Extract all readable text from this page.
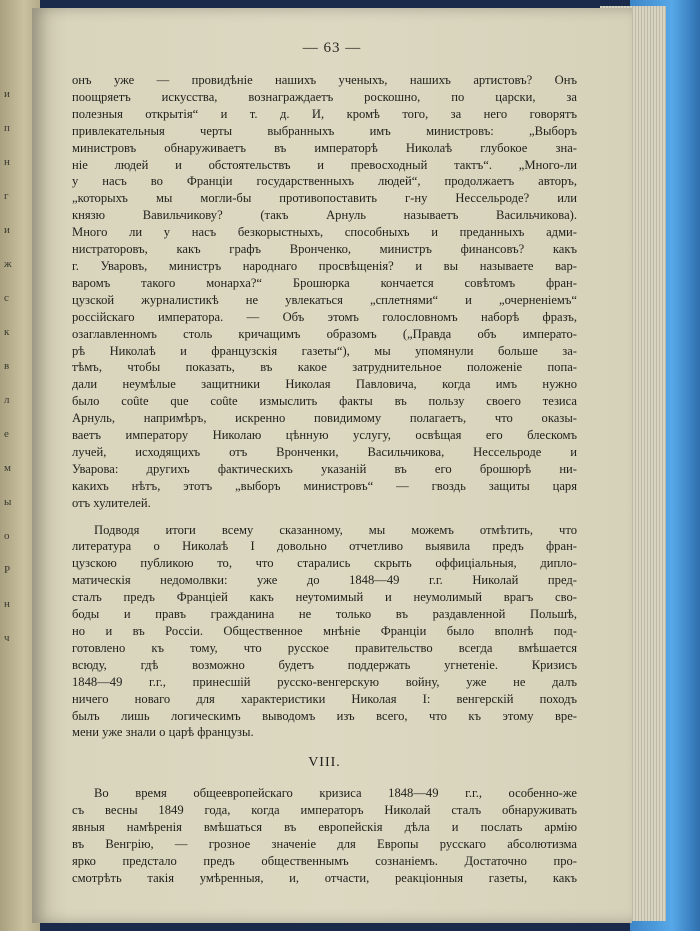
и
п
н
г
и
ж
с
к
в
л
е
м
ы
о
Р
н
ч
— 63 —
онъ уже — провидѣніе нашихъ ученыхъ, нашихъ артистовъ? Онъ
поощряетъ искусства, вознаграждаетъ роскошно, по царски, за
полезныя открытія“ и т. д. И, кромѣ того, за него говорятъ
привлекательныя черты выбранныхъ имъ министровъ: „Выборъ
министровъ обнаруживаетъ въ императорѣ Николаѣ глубокое зна-
ніе людей и обстоятельствъ и превосходный тактъ“. „Много-ли
у насъ во Франціи государственныхъ людей“, продолжаетъ авторъ,
„которыхъ мы могли-бы противопоставить г-ну Нессельроде? или
князю Вавильчикову? (такъ Арнуль называетъ Васильчикова).
Много ли у насъ безкорыстныхъ, способныхъ и преданныхъ адми-
нистраторовъ, какъ графъ Вронченко, министръ финансовъ? какъ
г. Уваровъ, министръ народнаго просвѣщенія? и вы называете вар-
варомъ такого монарха?“ Брошюрка кончается совѣтомъ фран-
цузской журналистикѣ не увлекаться „сплетнями“ и „очерненіемъ“
россійскаго императора. — Объ этомъ голословномъ наборѣ фразъ,
озаглавленномъ столь кричащимъ образомъ („Правда объ императо-
рѣ Николаѣ и французскія газеты“), мы упомянули больше за-
тѣмъ, чтобы показать, въ какое затруднительное положеніе попа-
дали неумѣлые защитники Николая Павловича, когда имъ нужно
было coûte que coûte измыслить факты въ пользу своего тезиса
Арнуль, напримѣръ, искренно повидимому полагаетъ, что оказы-
ваетъ императору Николаю цѣнную услугу, освѣщая его блескомъ
лучей, исходящихъ отъ Вронченки, Васильчикова, Нессельроде и
Уварова: другихъ фактическихъ указаній въ его брошюрѣ ни-
какихъ нѣтъ, этотъ „выборъ министровъ“ — гвоздь защиты царя
отъ хулителей.
Подводя итоги всему сказанному, мы можемъ отмѣтить, что
литература о Николаѣ I довольно отчетливо выявила предъ фран-
цузскою публикою то, что старались скрыть оффиціальныя, дипло-
матическія недомолвки: уже до 1848—49 г.г. Николай пред-
сталъ предъ Франціей какъ неутомимый и неумолимый врагъ сво-
боды и правъ гражданина не только въ раздавленной Польшѣ,
но и въ Россіи. Общественное мнѣніе Франціи было вполнѣ под-
готовлено къ тому, что русское правительство всегда вмѣшается
всюду, гдѣ возможно будетъ поддержать угнетеніе. Кризисъ
1848—49 г.г., принесшій русско-венгерскую войну, уже не далъ
ничего новаго для характеристики Николая I: венгерскій походъ
былъ лишь логическимъ выводомъ изъ всего, что къ этому вре-
мени уже знали о царѣ французы.
VIII.
Во время общеевропейскаго кризиса 1848—49 г.г., особенно-же
съ весны 1849 года, когда императоръ Николай сталъ обнаруживать
явныя намѣренія вмѣшаться въ европейскія дѣла и послать армію
въ Венгрію, — грозное значеніе для Европы русскаго абсолютизма
ярко предстало предъ общественнымъ сознаніемъ. Достаточно про-
смотрѣть такія умѣренныя, и, отчасти, реакціонныя газеты, какъ
